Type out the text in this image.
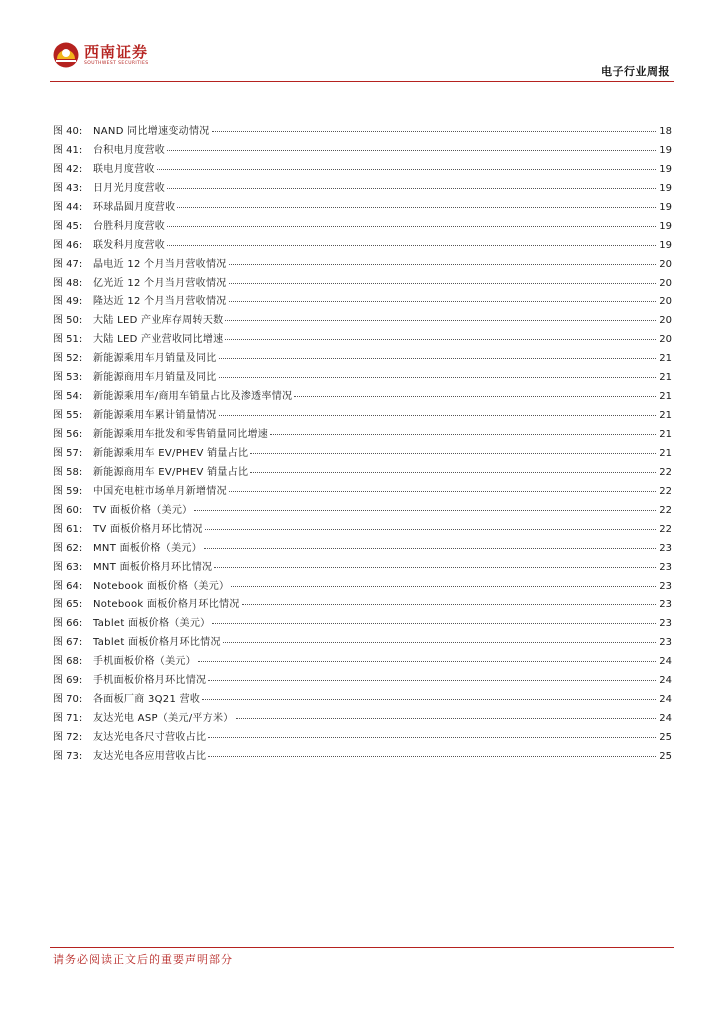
西南证券
SOUTHWEST SECURITIES
电子行业周报
图 40:	NAND 同比增速变动情况	18
图 41:	台积电月度营收	19
图 42:	联电月度营收	19
图 43:	日月光月度营收	19
图 44:	环球晶圆月度营收	19
图 45:	台胜科月度营收	19
图 46:	联发科月度营收	19
图 47:	晶电近 12 个月当月营收情况	20
图 48:	亿光近 12 个月当月营收情况	20
图 49:	隆达近 12 个月当月营收情况	20
图 50:	大陆 LED 产业库存周转天数	20
图 51:	大陆 LED 产业营收同比增速	20
图 52:	新能源乘用车月销量及同比	21
图 53:	新能源商用车月销量及同比	21
图 54:	新能源乘用车/商用车销量占比及渗透率情况	21
图 55:	新能源乘用车累计销量情况	21
图 56:	新能源乘用车批发和零售销量同比增速	21
图 57:	新能源乘用车 EV/PHEV 销量占比	21
图 58:	新能源商用车 EV/PHEV 销量占比	22
图 59:	中国充电桩市场单月新增情况	22
图 60:	TV 面板价格（美元）	22
图 61:	TV 面板价格月环比情况	22
图 62:	MNT 面板价格（美元）	23
图 63:	MNT 面板价格月环比情况	23
图 64:	Notebook 面板价格（美元）	23
图 65:	Notebook 面板价格月环比情况	23
图 66:	Tablet 面板价格（美元）	23
图 67:	Tablet 面板价格月环比情况	23
图 68:	手机面板价格（美元）	24
图 69:	手机面板价格月环比情况	24
图 70:	各面板厂商 3Q21 营收	24
图 71:	友达光电 ASP（美元/平方米）	24
图 72:	友达光电各尺寸营收占比	25
图 73:	友达光电各应用营收占比	25
请务必阅读正文后的重要声明部分
